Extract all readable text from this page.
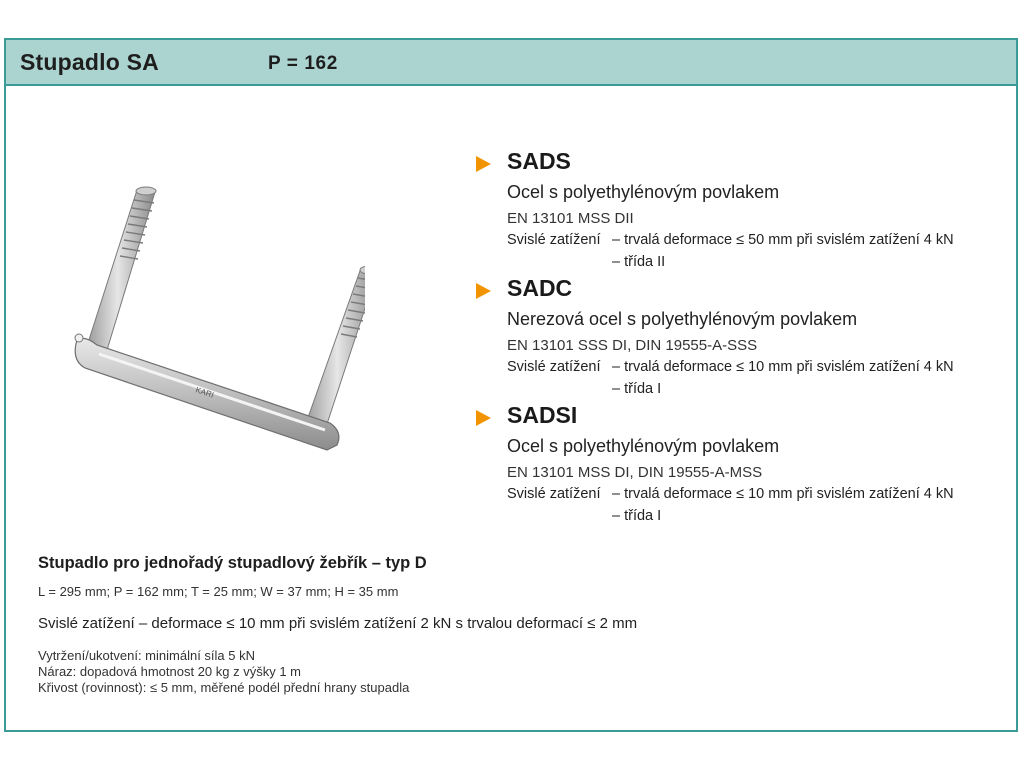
Stupadlo SA	P = 162
KARI
SADS
Ocel s polyethylénovým povlakem
EN 13101 MSS DII
Svislé zatížení – trvalá deformace ≤ 50 mm při svislém zatížení 4 kN
– třída II
SADC
Nerezová ocel s polyethylénovým povlakem
EN 13101 SSS DI, DIN 19555-A-SSS
Svislé zatížení – trvalá deformace ≤ 10 mm při svislém zatížení 4 kN
– třída I
SADSI
Ocel s polyethylénovým povlakem
EN 13101 MSS DI, DIN 19555-A-MSS
Svislé zatížení – trvalá deformace ≤ 10 mm při svislém zatížení 4 kN
– třída I
Stupadlo pro jednořadý stupadlový žebřík – typ D
L = 295 mm; P = 162 mm; T = 25 mm; W = 37 mm; H = 35 mm
Svislé zatížení – deformace ≤ 10 mm při svislém zatížení 2 kN s trvalou deformací ≤ 2 mm
Vytržení/ukotvení: minimální síla 5 kN
Náraz: dopadová hmotnost 20 kg z výšky 1 m
Křivost (rovinnost): ≤ 5 mm, měřené podél přední hrany stupadla
